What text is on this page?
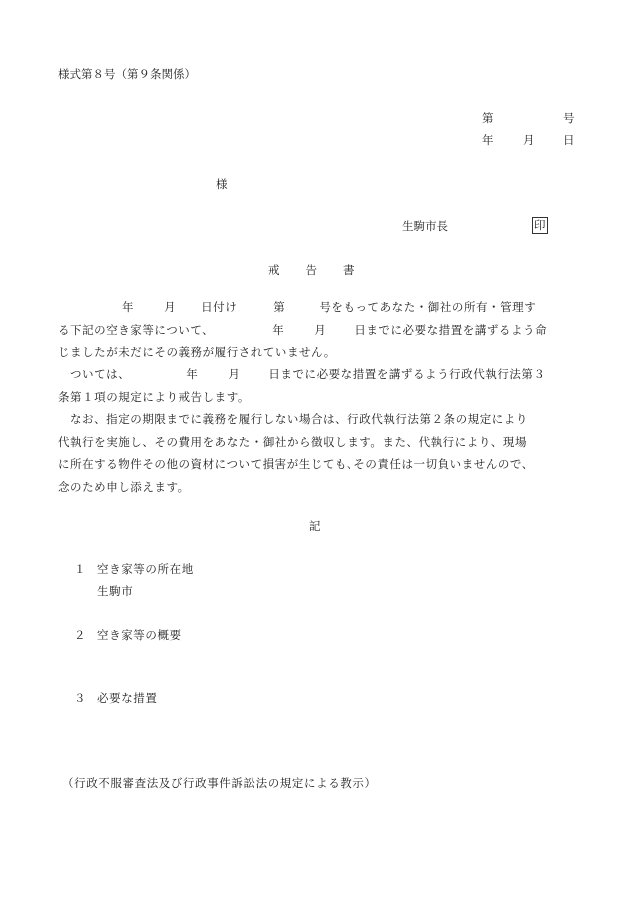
様式第８号（第９条関係）
第	号
年	月 日
様
生駒市長	印
戒　　告　　書
年	月 日付け	第	号をもってあなた・御社の所有・管理す
る下記の空き家等について、	年	月 日までに必要な措置を講ずるよう命
じましたが未だにその義務が履行されていません。
ついては、	年	月 日までに必要な措置を講ずるよう行政代執行法第３
条第１項の規定により戒告します。
なお、指定の期限までに義務を履行しない場合は、行政代執行法第２条の規定により
代執行を実施し、その費用をあなた・御社から徴収します。また、代執行により、現場
に所在する物件その他の資材について損害が生じても､その責任は一切負いませんので、
念のため申し添えます。
記
１ 空き家等の所在地
生駒市
２ 空き家等の概要
３ 必要な措置
（行政不服審査法及び行政事件訴訟法の規定による教示）
